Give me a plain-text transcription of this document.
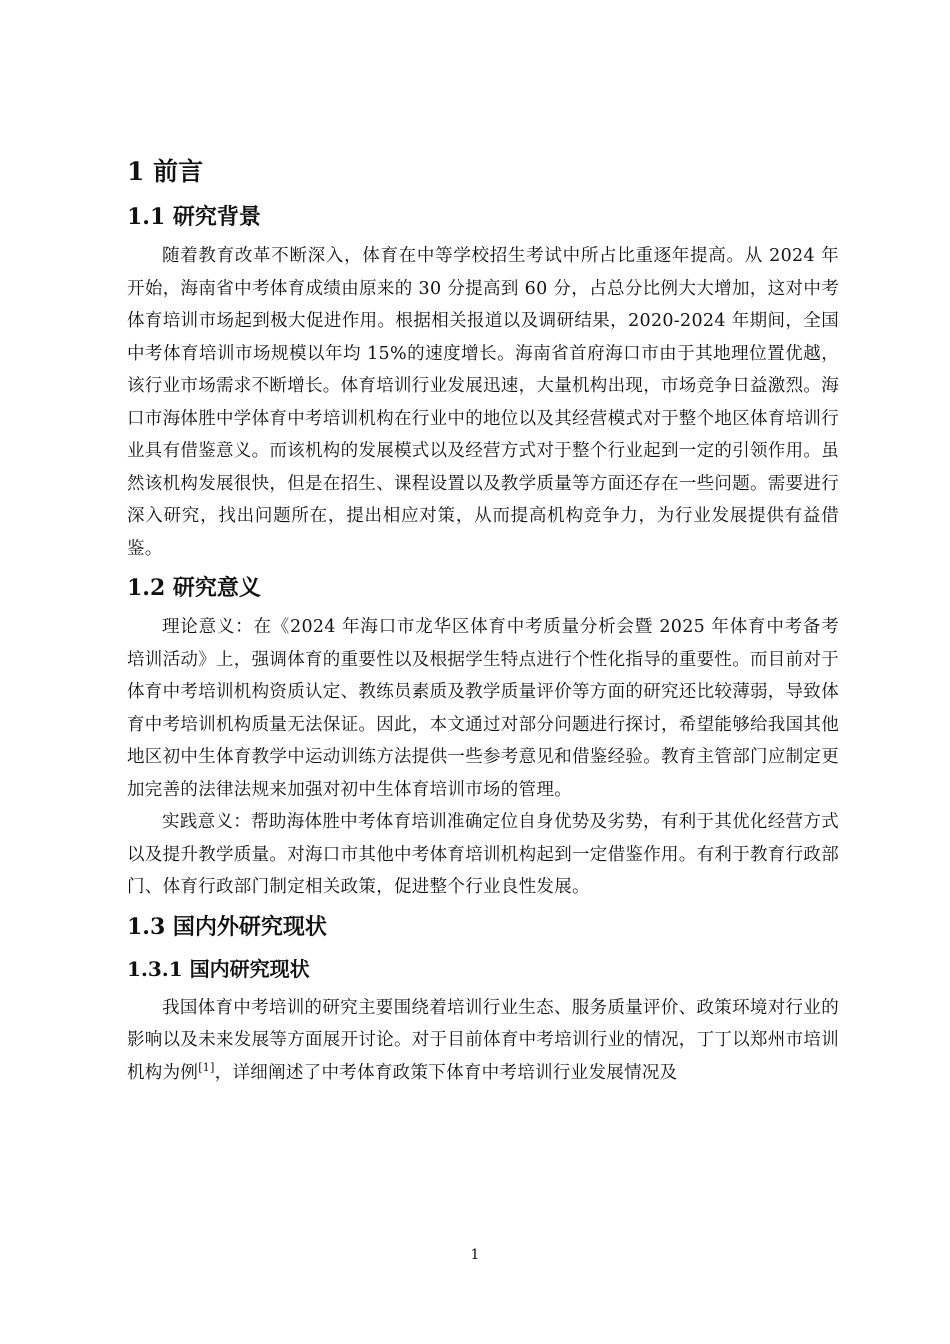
1 前言
1.1 研究背景

随着教育改革不断深入，体育在中等学校招生考试中所占比重逐年提高。从 2024 年开始，海南省中考体育成绩由原来的 30 分提高到 60 分，占总分比例大大增加，这对中考体育培训市场起到极大促进作用。根据相关报道以及调研结果，2020-2024 年期间，全国中考体育培训市场规模以年均 15%的速度增长。海南省首府海口市由于其地理位置优越，该行业市场需求不断增长。体育培训行业发展迅速，大量机构出现，市场竞争日益激烈。海口市海体胜中学体育中考培训机构在行业中的地位以及其经营模式对于整个地区体育培训行业具有借鉴意义。而该机构的发展模式以及经营方式对于整个行业起到一定的引领作用。虽然该机构发展很快，但是在招生、课程设置以及教学质量等方面还存在一些问题。需要进行深入研究，找出问题所在，提出相应对策，从而提高机构竞争力，为行业发展提供有益借鉴。

1.2 研究意义

理论意义：在《2024 年海口市龙华区体育中考质量分析会暨 2025 年体育中考备考培训活动》上，强调体育的重要性以及根据学生特点进行个性化指导的重要性。而目前对于体育中考培训机构资质认定、教练员素质及教学质量评价等方面的研究还比较薄弱，导致体育中考培训机构质量无法保证。因此，本文通过对部分问题进行探讨，希望能够给我国其他地区初中生体育教学中运动训练方法提供一些参考意见和借鉴经验。教育主管部门应制定更加完善的法律法规来加强对初中生体育培训市场的管理。

实践意义：帮助海体胜中考体育培训准确定位自身优势及劣势，有利于其优化经营方式以及提升教学质量。对海口市其他中考体育培训机构起到一定借鉴作用。有利于教育行政部门、体育行政部门制定相关政策，促进整个行业良性发展。

1.3 国内外研究现状
1.3.1 国内研究现状

我国体育中考培训的研究主要围绕着培训行业生态、服务质量评价、政策环境对行业的影响以及未来发展等方面展开讨论。对于目前体育中考培训行业的情况，丁丁以郑州市培训机构为例[1]，详细阐述了中考体育政策下体育中考培训行业发展情况及

1
